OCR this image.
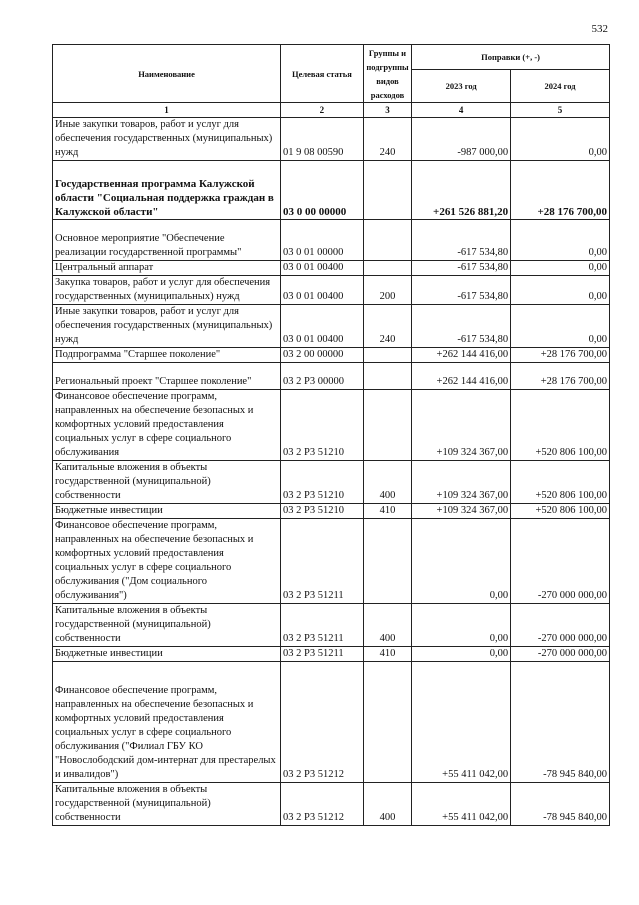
532
Наименование	Целевая статья	Группы и подгруппы видов расходов	Поправки (+, -)	
			2023 год	2024 год
1	2	3	4	5
Иные закупки товаров, работ и услуг для обеспечения государственных (муниципальных) нужд	01 9 08 00590	240	-987 000,00	0,00
Государственная программа Калужской области "Социальная поддержка граждан в Калужской области"	03 0 00 00000		+261 526 881,20	+28 176 700,00
Основное мероприятие "Обеспечение реализации государственной программы"	03 0 01 00000		-617 534,80	0,00
Центральный аппарат	03 0 01 00400		-617 534,80	0,00
Закупка товаров, работ и услуг для обеспечения государственных (муниципальных) нужд	03 0 01 00400	200	-617 534,80	0,00
Иные закупки товаров, работ и услуг для обеспечения государственных (муниципальных) нужд	03 0 01 00400	240	-617 534,80	0,00
Подпрограмма "Старшее поколение"	03 2 00 00000		+262 144 416,00	+28 176 700,00
Региональный проект "Старшее поколение"	03 2 P3 00000		+262 144 416,00	+28 176 700,00
Финансовое обеспечение программ, направленных на обеспечение безопасных и комфортных условий предоставления социальных услуг в сфере социального обслуживания	03 2 P3 51210		+109 324 367,00	+520 806 100,00
Капитальные вложения в объекты государственной (муниципальной) собственности	03 2 P3 51210	400	+109 324 367,00	+520 806 100,00
Бюджетные инвестиции	03 2 P3 51210	410	+109 324 367,00	+520 806 100,00
Финансовое обеспечение программ, направленных на обеспечение безопасных и комфортных условий предоставления социальных услуг в сфере социального обслуживания ("Дом социального обслуживания")	03 2 P3 51211		0,00	-270 000 000,00
Капитальные вложения в объекты государственной (муниципальной) собственности	03 2 P3 51211	400	0,00	-270 000 000,00
Бюджетные инвестиции	03 2 P3 51211	410	0,00	-270 000 000,00
Финансовое обеспечение программ, направленных на обеспечение безопасных и комфортных условий предоставления социальных услуг в сфере социального обслуживания ("Филиал ГБУ КО "Новослободский дом-интернат для престарелых и инвалидов")	03 2 P3 51212		+55 411 042,00	-78 945 840,00
Капитальные вложения в объекты государственной (муниципальной) собственности	03 2 P3 51212	400	+55 411 042,00	-78 945 840,00
